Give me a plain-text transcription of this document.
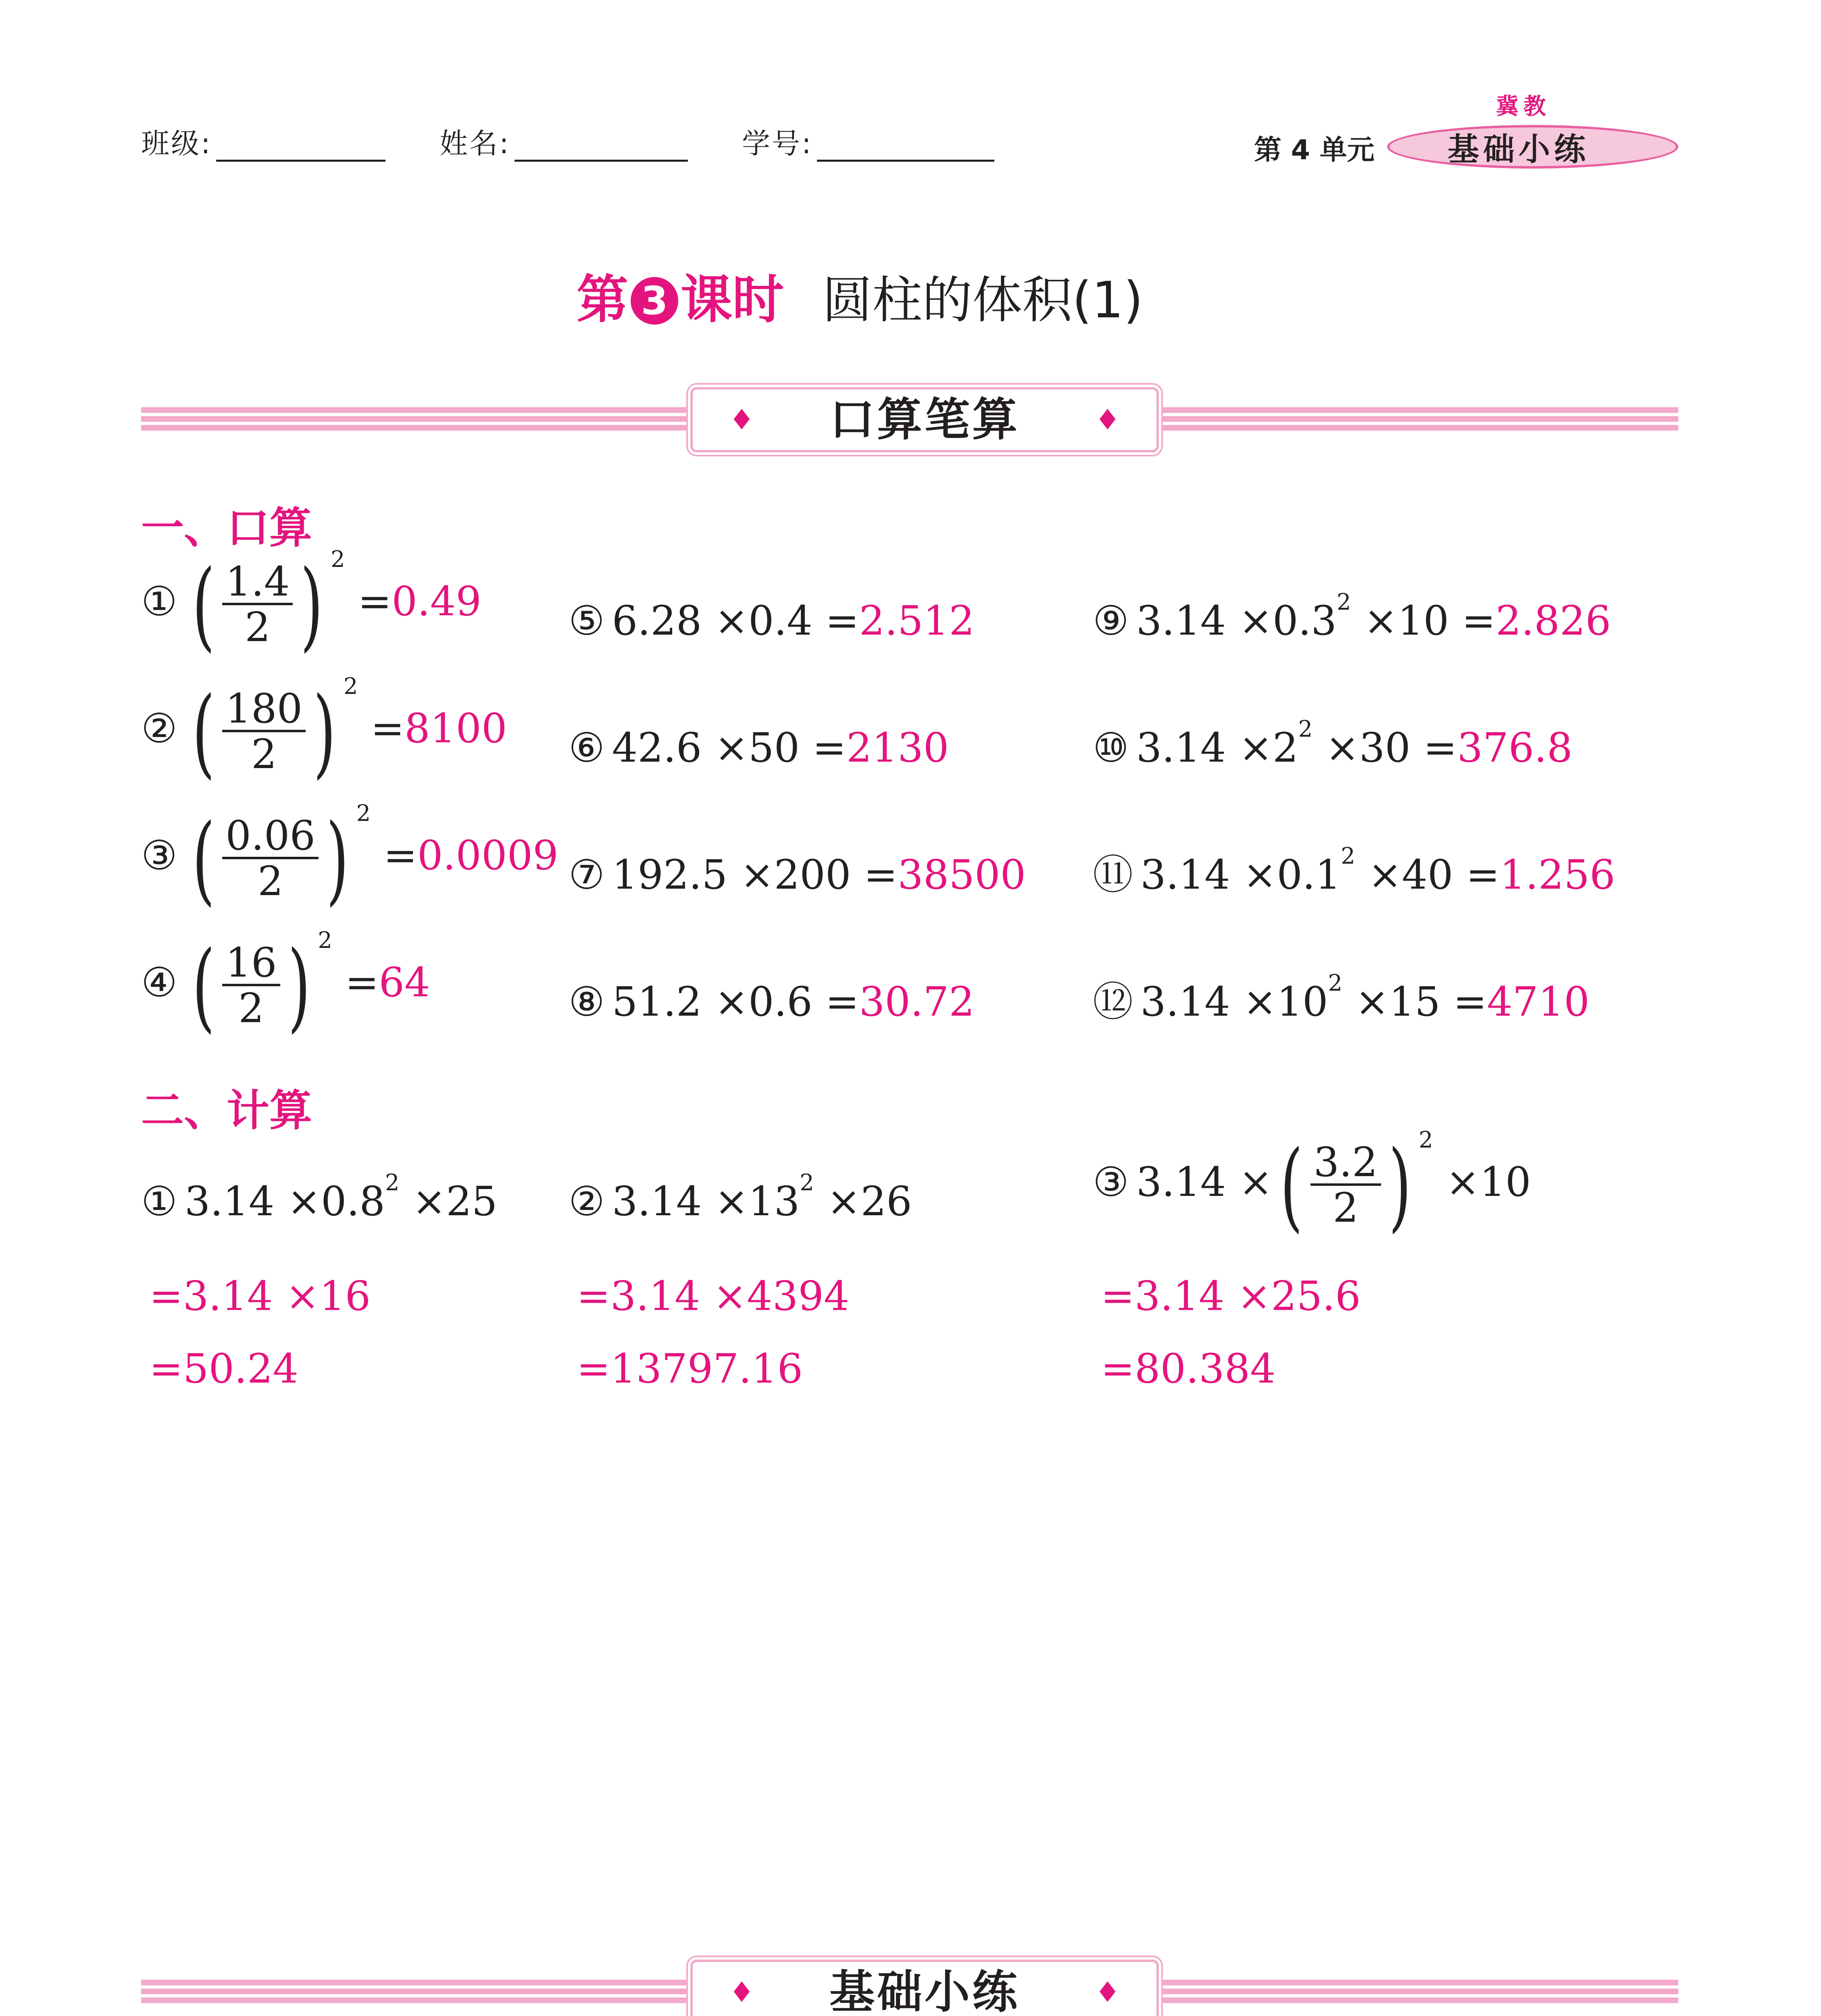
班级:	姓名:	学号:	第 4 单元
冀教
基础小练
第 3 课时 圆柱的体积(1)
♦	口算笔算	♦
一、口算
① ( $\frac{1.4}{2}$ ) $^2$ =0.49
② ( $\frac{180}{2}$ ) $^2$ =8100
③ ( $\frac{0.06}{2}$ ) $^2$ =0.0009
④ ( $\frac{16}{2}$ ) $^2$ =64
⑤ 6.28 ×0.4 =2.512
⑥ 42.6 ×50 =2130
⑦ 192.5 ×200 =38500
⑧ 51.2 ×0.6 =30.72
⑨ $3.14 \times 0.3^2 \times 10 =2.826$
⑩ $3.14 \times 2^2 \times 30 =376.8$
⑪ $3.14 \times 0.1^2 \times 40 =1.256$
⑫ $3.14 \times 10^2 \times 15 =4710$
二、计算
① $3.14 \times 0.8^2 \times 25$
=3.14 ×16
=50.24
② $3.14 \times 13^2 \times 26$
=3.14 ×4394
=13797.16
③ 3.14 ×( $\frac{3.2}{2}$ ) $^2$ ×10
=3.14 ×25.6
=80.384
♦	基础小练	♦
